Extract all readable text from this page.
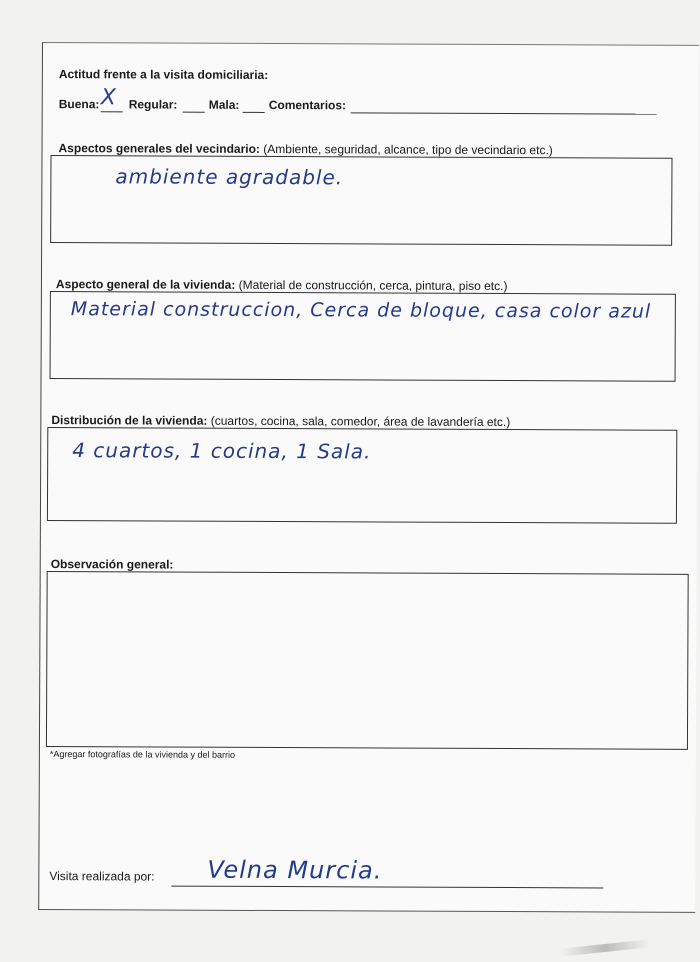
Actitud frente a la visita domiciliaria:
Buena: X Regular:	Mala: Comentarios:
Aspectos generales del vecindario: (Ambiente, seguridad, alcance, tipo de vecindario etc.)
ambiente agradable.
Aspecto general de la vivienda: (Material de construcción, cerca, pintura, piso etc.)
Material construccion, Cerca de bloque, casa color azul
Distribución de la vivienda: (cuartos, cocina, sala, comedor, área de lavandería etc.)
4 cuartos, 1 cocina, 1 Sala.
Observación general:
*Agregar fotografías de la vivienda y del barrio
Visita realizada por: Velna Murcia.
